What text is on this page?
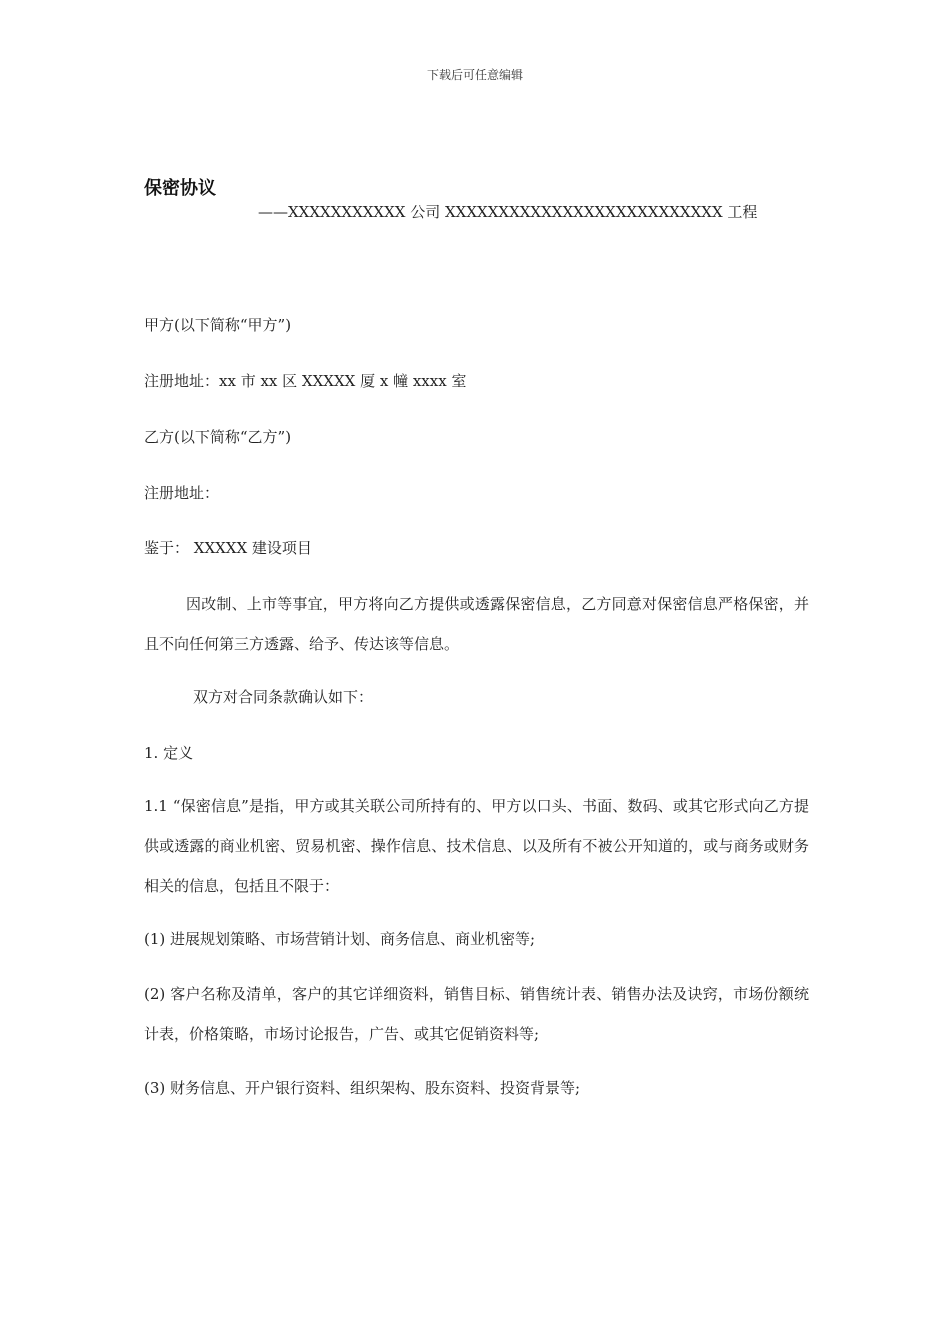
下载后可任意编辑
保密协议
——XXXXXXXXXXX 公司 XXXXXXXXXXXXXXXXXXXXXXXXXX 工程
甲方(以下简称“甲方”)
注册地址：xx 市 xx 区 XXXXX 厦 x 幢 xxxx 室
乙方(以下简称“乙方”)
注册地址：
鉴于： XXXXX 建设项目
因改制、上市等事宜，甲方将向乙方提供或透露保密信息，乙方同意对保密信息严格保密，并且不向任何第三方透露、给予、传达该等信息。
双方对合同条款确认如下：
1. 定义
1.1 “保密信息”是指，甲方或其关联公司所持有的、甲方以口头、书面、数码、或其它形式向乙方提供或透露的商业机密、贸易机密、操作信息、技术信息、以及所有不被公开知道的，或与商务或财务相关的信息，包括且不限于：
(1) 进展规划策略、市场营销计划、商务信息、商业机密等;
(2) 客户名称及清单，客户的其它详细资料，销售目标、销售统计表、销售办法及诀窍，市场份额统计表，价格策略，市场讨论报告，广告、或其它促销资料等;
(3) 财务信息、开户银行资料、组织架构、股东资料、投资背景等;
